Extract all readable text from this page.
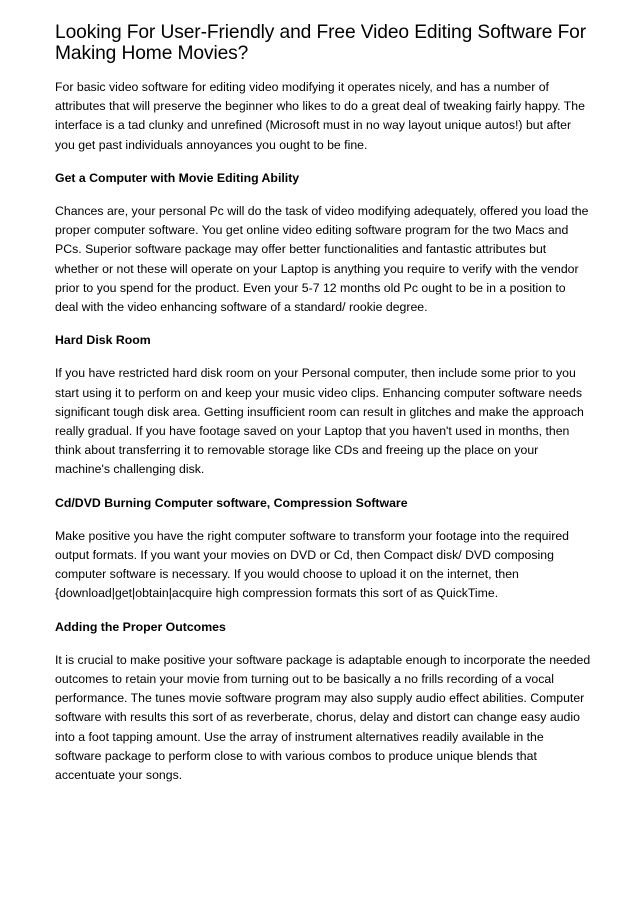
Looking For User-Friendly and Free Video Editing Software For Making Home Movies?

For basic video software for editing video modifying it operates nicely, and has a number of attributes that will preserve the beginner who likes to do a great deal of tweaking fairly happy. The interface is a tad clunky and unrefined (Microsoft must in no way layout unique autos!) but after you get past individuals annoyances you ought to be fine.

Get a Computer with Movie Editing Ability

Chances are, your personal Pc will do the task of video modifying adequately, offered you load the proper computer software. You get online video editing software program for the two Macs and PCs. Superior software package may offer better functionalities and fantastic attributes but whether or not these will operate on your Laptop is anything you require to verify with the vendor prior to you spend for the product. Even your 5-7 12 months old Pc ought to be in a position to deal with the video enhancing software of a standard/ rookie degree.

Hard Disk Room

If you have restricted hard disk room on your Personal computer, then include some prior to you start using it to perform on and keep your music video clips. Enhancing computer software needs significant tough disk area. Getting insufficient room can result in glitches and make the approach really gradual. If you have footage saved on your Laptop that you haven't used in months, then think about transferring it to removable storage like CDs and freeing up the place on your machine's challenging disk.

Cd/DVD Burning Computer software, Compression Software

Make positive you have the right computer software to transform your footage into the required output formats. If you want your movies on DVD or Cd, then Compact disk/ DVD composing computer software is necessary. If you would choose to upload it on the internet, then {download|get|obtain|acquire high compression formats this sort of as QuickTime.

Adding the Proper Outcomes

It is crucial to make positive your software package is adaptable enough to incorporate the needed outcomes to retain your movie from turning out to be basically a no frills recording of a vocal performance. The tunes movie software program may also supply audio effect abilities. Computer software with results this sort of as reverberate, chorus, delay and distort can change easy audio into a foot tapping amount. Use the array of instrument alternatives readily available in the software package to perform close to with various combos to produce unique blends that accentuate your songs.
